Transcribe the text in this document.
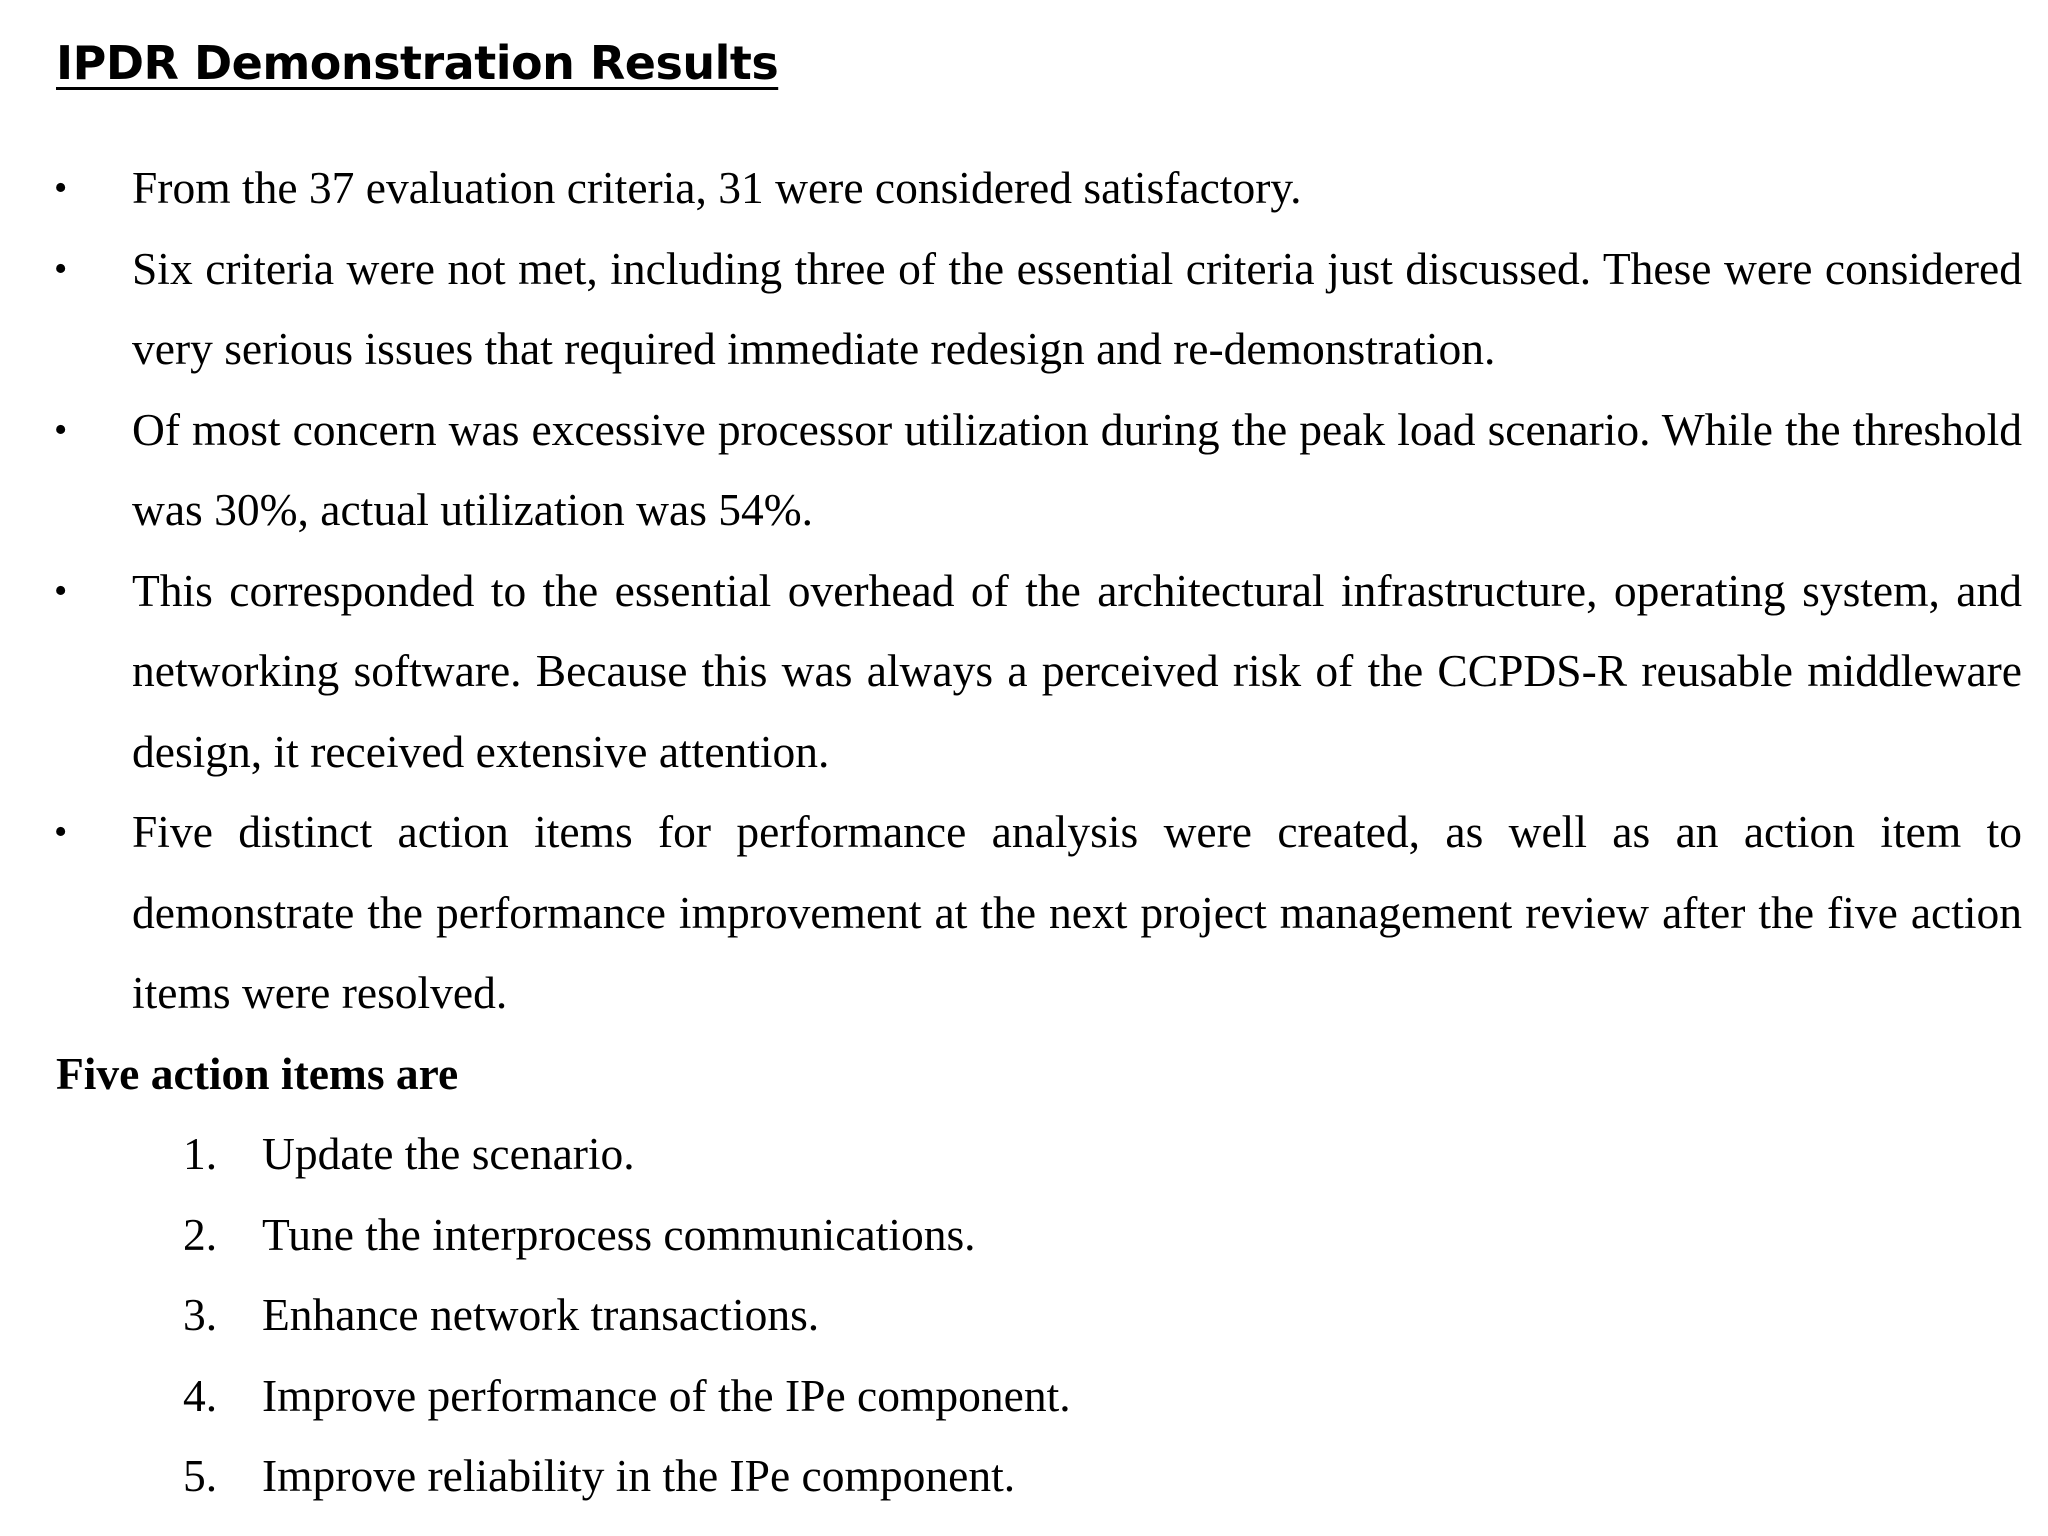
IPDR Demonstration Results
•	From the 37 evaluation criteria, 31 were considered satisfactory.
•	Six criteria were not met, including three of the essential criteria just discussed. These were considered very serious issues that required immediate redesign and re-demonstration.
•	Of most concern was excessive processor utilization during the peak load scenario. While the threshold was 30%, actual utilization was 54%.
•	This corresponded to the essential overhead of the architectural infrastructure, operating system, and networking software. Because this was always a perceived risk of the CCPDS-R reusable middleware design, it received extensive attention.
•	Five distinct action items for performance analysis were created, as well as an action item to demonstrate the performance improvement at the next project management review after the five action items were resolved.

Five action items are

1. Update the scenario.
2. Tune the interprocess communications.
3. Enhance network transactions.
4. Improve performance of the IPe component.
5. Improve reliability in the IPe component.
